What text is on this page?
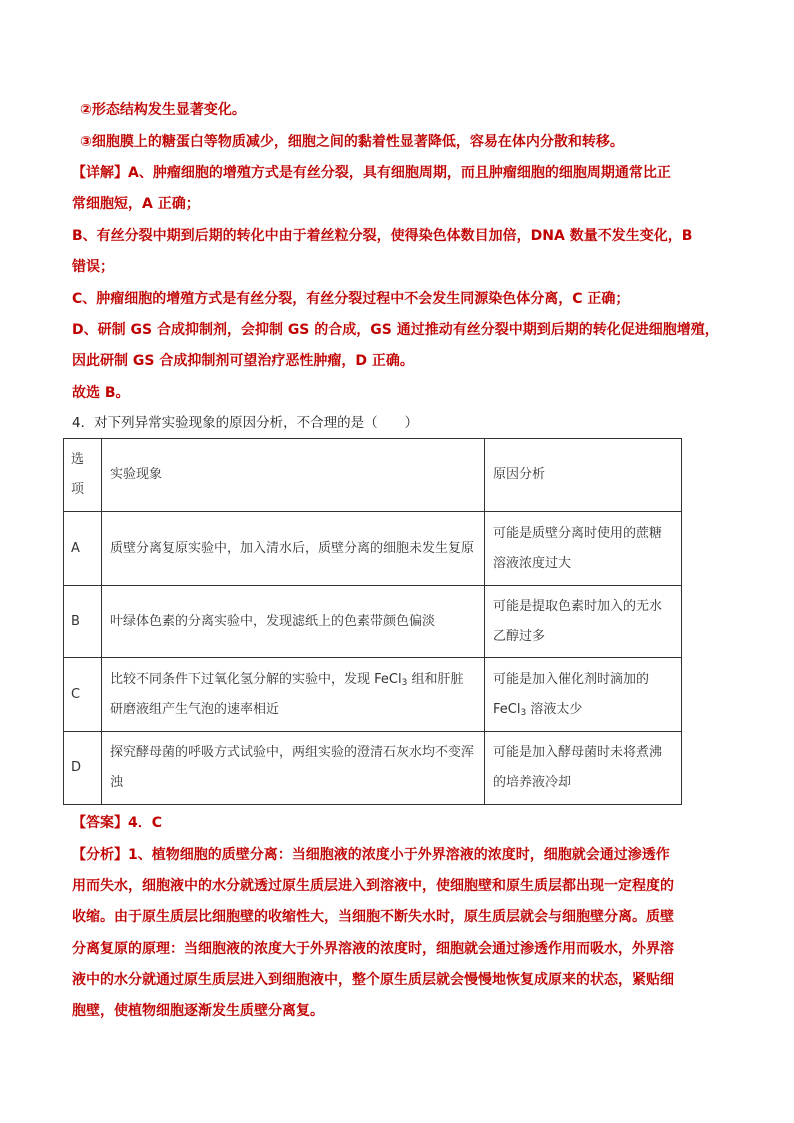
②形态结构发生显著变化。
③细胞膜上的糖蛋白等物质减少，细胞之间的黏着性显著降低，容易在体内分散和转移。
【详解】A、肿瘤细胞的增殖方式是有丝分裂，具有细胞周期，而且肿瘤细胞的细胞周期通常比正
常细胞短，A 正确；
B、有丝分裂中期到后期的转化中由于着丝粒分裂，使得染色体数目加倍，DNA 数量不发生变化，B
错误；
C、肿瘤细胞的增殖方式是有丝分裂，有丝分裂过程中不会发生同源染色体分离，C 正确；
D、研制 GS 合成抑制剂，会抑制 GS 的合成，GS 通过推动有丝分裂中期到后期的转化促进细胞增殖，
因此研制 GS 合成抑制剂可望治疗恶性肿瘤，D 正确。
故选 B。
4．对下列异常实验现象的原因分析，不合理的是（　　）
选
项	实验现象	原因分析
A	质壁分离复原实验中，加入清水后，质壁分离的细胞未发生复原	可能是质壁分离时使用的蔗糖溶液浓度过大
B	叶绿体色素的分离实验中，发现滤纸上的色素带颜色偏淡	可能是提取色素时加入的无水乙醇过多
C	比较不同条件下过氧化氢分解的实验中，发现 FeCl$_3$ 组和肝脏研磨液组产生气泡的速率相近	可能是加入催化剂时滴加的 FeCl$_3$ 溶液太少
D	探究酵母菌的呼吸方式试验中，两组实验的澄清石灰水均不变浑浊	可能是加入酵母菌时未将煮沸的培养液冷却
【答案】4．C
【分析】1、植物细胞的质壁分离：当细胞液的浓度小于外界溶液的浓度时，细胞就会通过渗透作
用而失水，细胞液中的水分就透过原生质层进入到溶液中，使细胞壁和原生质层都出现一定程度的
收缩。由于原生质层比细胞壁的收缩性大，当细胞不断失水时，原生质层就会与细胞壁分离。质壁
分离复原的原理：当细胞液的浓度大于外界溶液的浓度时，细胞就会通过渗透作用而吸水，外界溶
液中的水分就通过原生质层进入到细胞液中，整个原生质层就会慢慢地恢复成原来的状态，紧贴细
胞壁，使植物细胞逐渐发生质壁分离复。
